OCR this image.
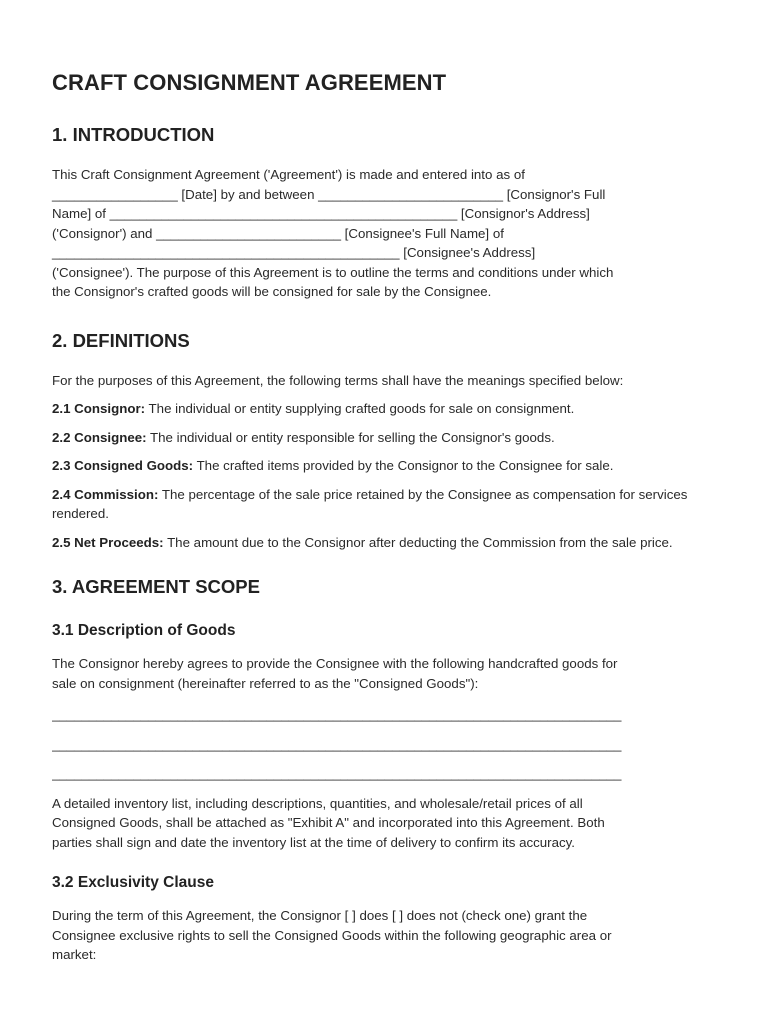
CRAFT CONSIGNMENT AGREEMENT
1. INTRODUCTION

This Craft Consignment Agreement ('Agreement') is made and entered into as of
_________________ [Date] by and between _________________________ [Consignor's Full
Name] of _______________________________________________ [Consignor's Address]
('Consignor') and _________________________ [Consignee's Full Name] of
_______________________________________________ [Consignee's Address]
('Consignee'). The purpose of this Agreement is to outline the terms and conditions under which
the Consignor's crafted goods will be consigned for sale by the Consignee.

2. DEFINITIONS

For the purposes of this Agreement, the following terms shall have the meanings specified below:

2.1 Consignor: The individual or entity supplying crafted goods for sale on consignment.

2.2 Consignee: The individual or entity responsible for selling the Consignor's goods.

2.3 Consigned Goods: The crafted items provided by the Consignor to the Consignee for sale.

2.4 Commission: The percentage of the sale price retained by the Consignee as compensation for services rendered.

2.5 Net Proceeds: The amount due to the Consignor after deducting the Commission from the sale price.

3. AGREEMENT SCOPE
3.1 Description of Goods

The Consignor hereby agrees to provide the Consignee with the following handcrafted goods for
sale on consignment (hereinafter referred to as the "Consigned Goods"):

_____________________________________________________________________________
_____________________________________________________________________________
_____________________________________________________________________________

A detailed inventory list, including descriptions, quantities, and wholesale/retail prices of all
Consigned Goods, shall be attached as "Exhibit A" and incorporated into this Agreement. Both
parties shall sign and date the inventory list at the time of delivery to confirm its accuracy.

3.2 Exclusivity Clause

During the term of this Agreement, the Consignor [ ] does [ ] does not (check one) grant the
Consignee exclusive rights to sell the Consigned Goods within the following geographic area or
market:
